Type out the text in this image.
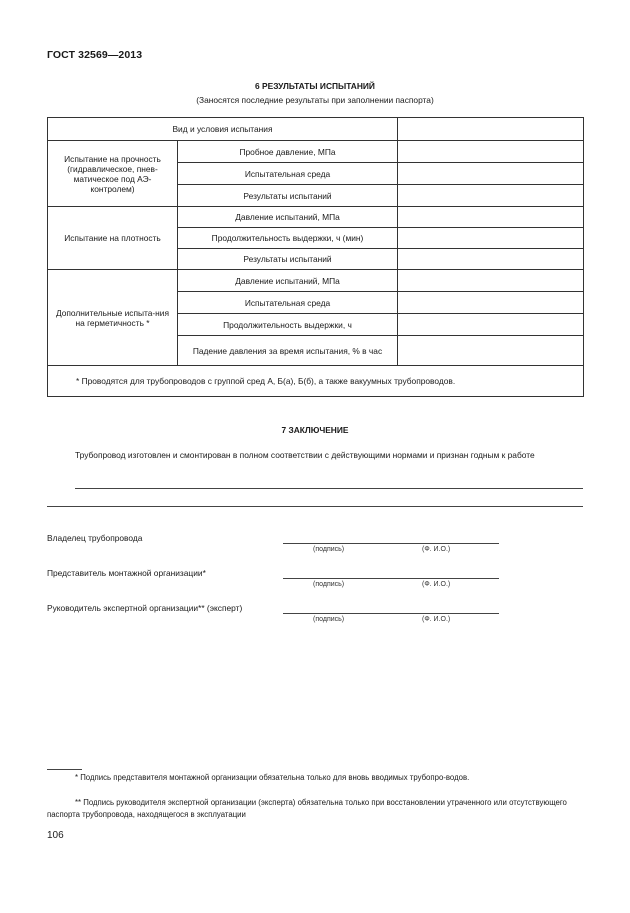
ГОСТ 32569—2013
6 РЕЗУЛЬТАТЫ ИСПЫТАНИЙ
(Заносятся последние результаты при заполнении паспорта)
Вид и условия испытания		
Испытание на прочность (гидравлическое, пнев-матическое под АЭ-контролем)	Пробное давление, МПа	
	Испытательная среда	
	Результаты испытаний	
Испытание на плотность	Давление испытаний, МПа	
	Продолжительность выдержки, ч (мин)	
	Результаты испытаний	
Дополнительные испыта-ния на герметичность *	Давление испытаний, МПа	
	Испытательная среда	
	Продолжительность выдержки, ч	
	Падение давления за время испытания, % в час	
* Проводятся для трубопроводов с группой сред А, Б(а), Б(б), а также вакуумных трубопроводов.		
7 ЗАКЛЮЧЕНИЕ
Трубопровод изготовлен и смонтирован в полном соответствии с действующими нормами и признан годным к работе
Владелец трубопровода
(подпись)	(Ф. И.О.)
Представитель монтажной организации*
(подпись)	(Ф. И.О.)
Руководитель экспертной организации** (эксперт)
(подпись)	(Ф. И.О.)
* Подпись представителя монтажной организации обязательна только для вновь вводимых трубопро-водов.
** Подпись руководителя экспертной организации (эксперта) обязательна только при восстановлении утраченного или отсутствующего паспорта трубопровода, находящегося в эксплуатации
106
